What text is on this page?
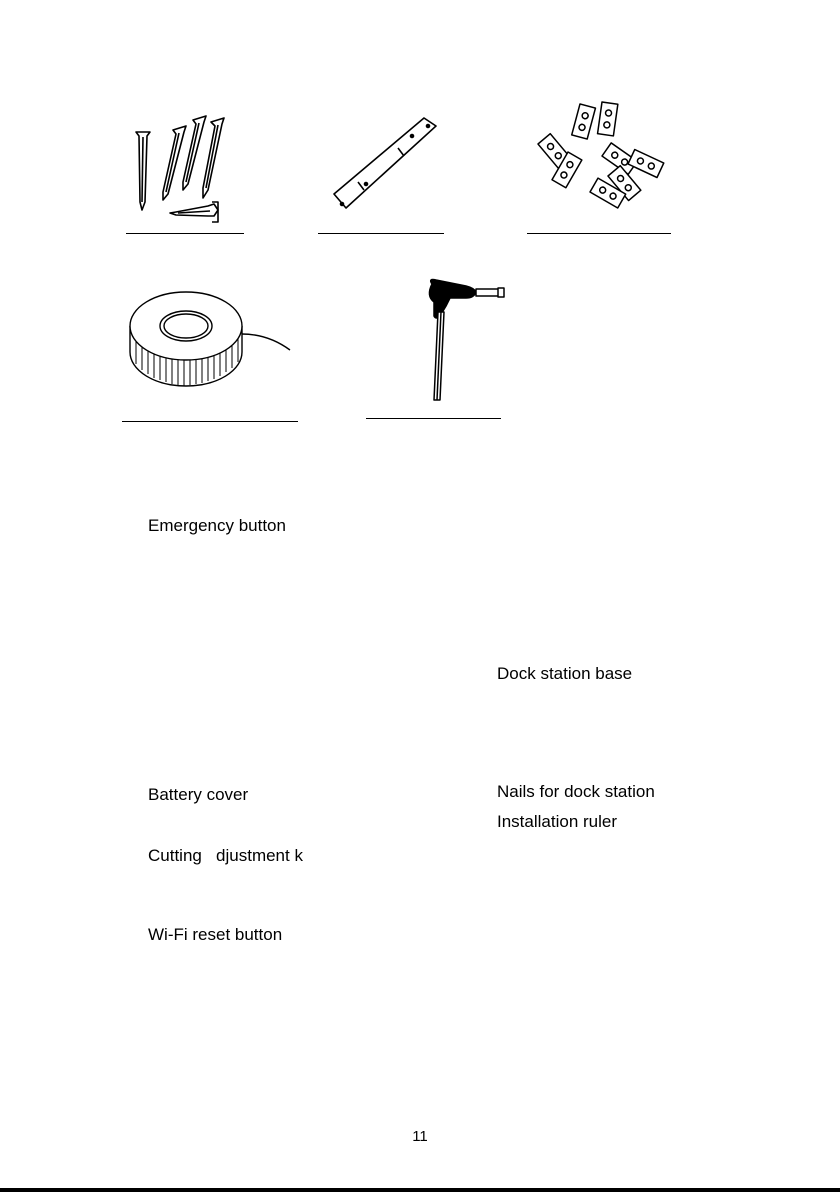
Emergency button
Dock station base
Battery cover	Nails for dock station
Installation ruler
Cutting   djustment k
Wi-Fi reset button
11
